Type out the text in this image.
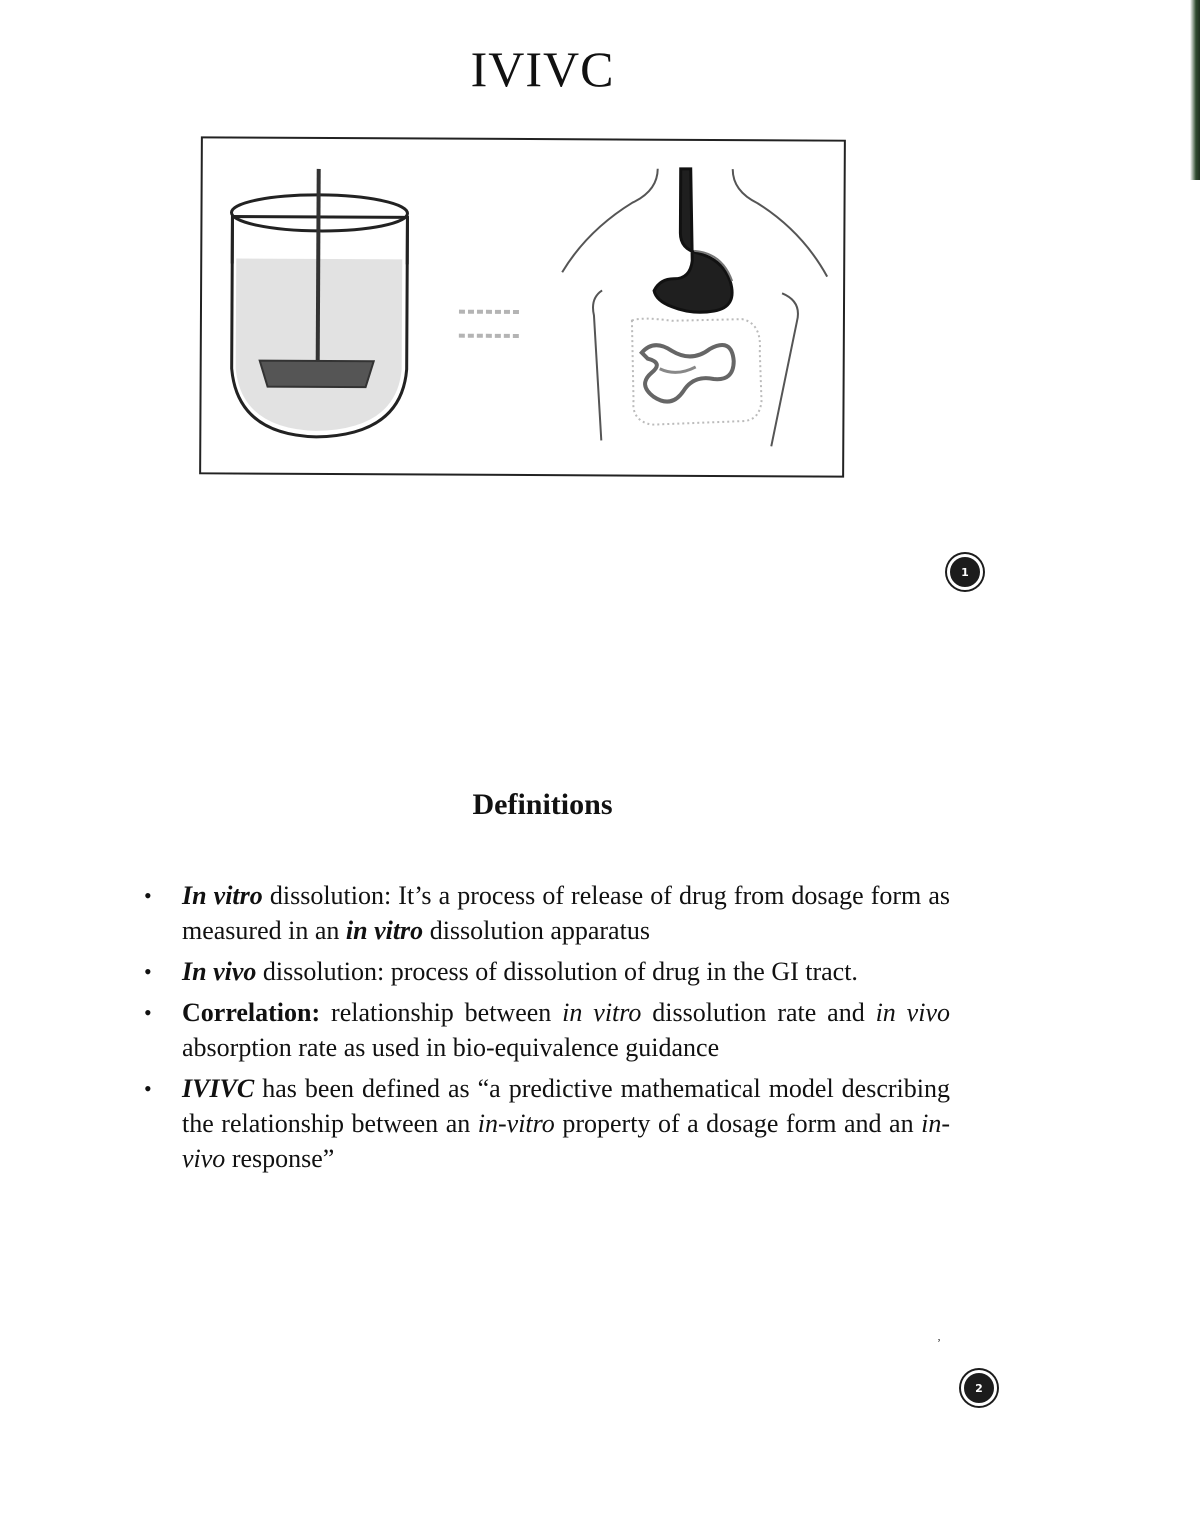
IVIVC
1
Definitions
• In vitro dissolution: It’s a process of release of drug from dosage form as measured in an in vitro dissolution apparatus
• In vivo dissolution: process of dissolution of drug in the GI tract.
• Correlation: relationship between in vitro dissolution rate and in vivo absorption rate as used in bio-equivalence guidance
• IVIVC has been defined as “a predictive mathematical model describing the relationship between an in-vitro property of a dosage form and an in-vivo response”
ʼ
2
